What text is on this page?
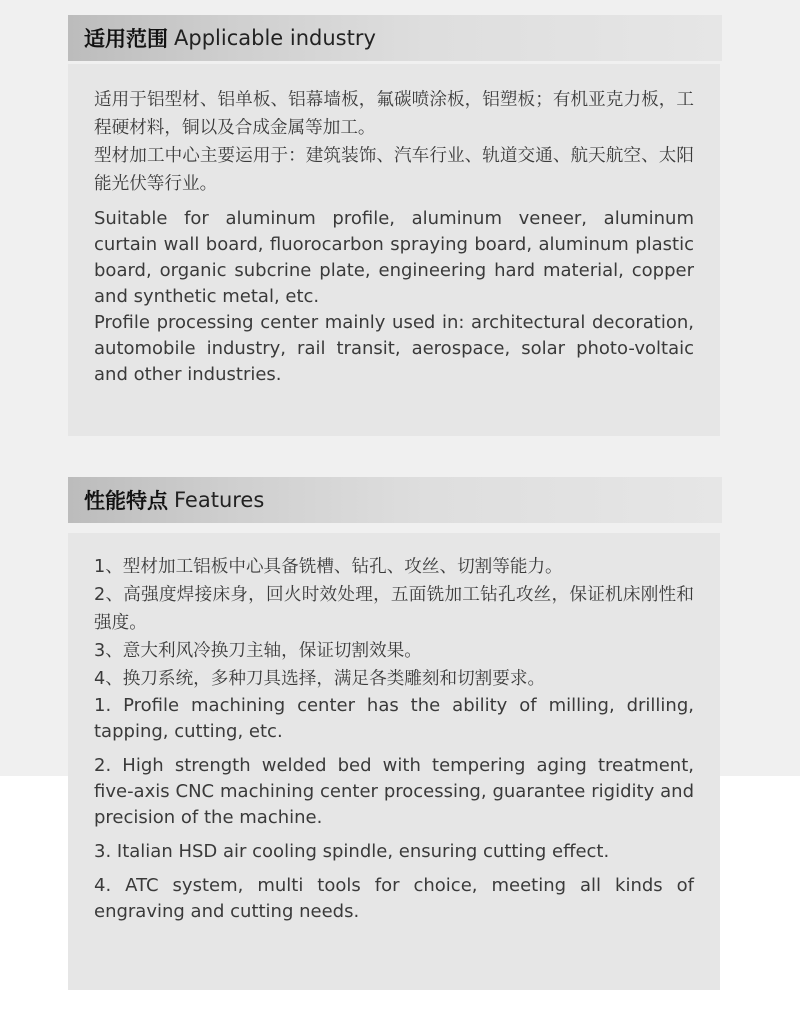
适用范围 Applicable industry

适用于铝型材、铝单板、铝幕墙板，氟碳喷涂板，铝塑板；有机亚克力板，工程硬材料，铜以及合成金属等加工。

型材加工中心主要运用于：建筑装饰、汽车行业、轨道交通、航天航空、太阳能光伏等行业。

Suitable for aluminum profile, aluminum veneer, aluminum curtain wall board, fluorocarbon spraying board, aluminum plastic board, organic subcrine plate, engineering hard material, copper and synthetic metal, etc.

Profile processing center mainly used in: architectural decoration, automobile industry, rail transit, aerospace, solar photo-voltaic and other industries.

性能特点 Features

1、型材加工铝板中心具备铣槽、钻孔、攻丝、切割等能力。

2、高强度焊接床身，回火时效处理，五面铣加工钻孔攻丝，保证机床刚性和强度。

3、意大利风冷换刀主轴，保证切割效果。

4、换刀系统，多种刀具选择，满足各类雕刻和切割要求。

1. Profile machining center has the ability of milling, drilling, tapping, cutting, etc.

2. High strength welded bed with tempering aging treatment, five-axis CNC machining center processing, guarantee rigidity and precision of the machine.

3. Italian HSD air cooling spindle, ensuring cutting effect.

4. ATC system, multi tools for choice, meeting all kinds of engraving and cutting needs.
